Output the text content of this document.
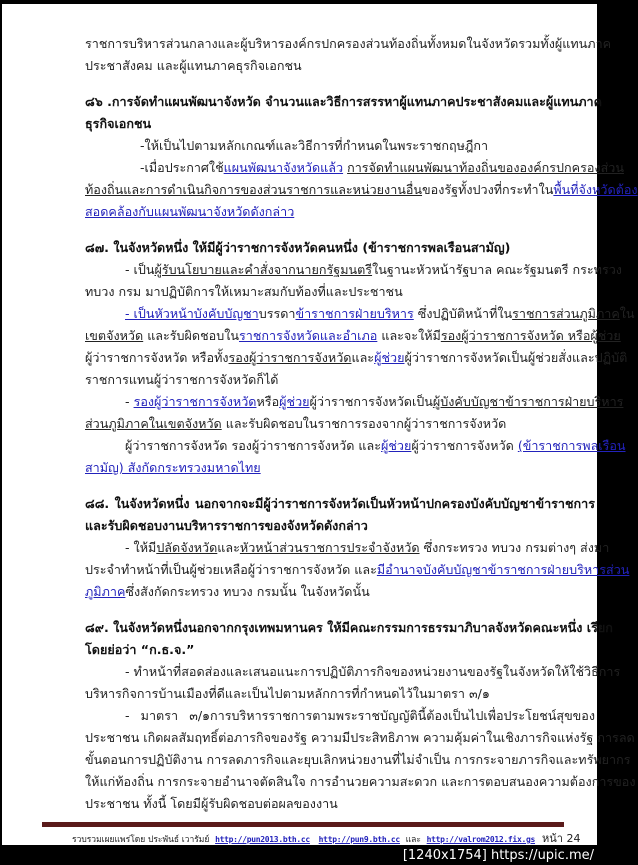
ราชการบริหารส่วนกลางและผู้บริหารองค์กรปกครองส่วนท้องถิ่นทั้งหมดในจังหวัดรวมทั้งผู้แทนภาค
ประชาสังคม และผู้แทนภาคธุรกิจเอกชน
๘๖ .การจัดทำแผนพัฒนาจังหวัด จำนวนและวิธีการสรรหาผู้แทนภาคประชาสังคมและผู้แทนภาค
ธุรกิจเอกชน
-ให้เป็นไปตามหลักเกณฑ์และวิธีการที่กำหนดในพระราชกฤษฎีกา
-เมื่อประกาศใช้แผนพัฒนาจังหวัดแล้ว การจัดทำแผนพัฒนาท้องถิ่นขององค์กรปกครองส่วน
ท้องถิ่นและการดำเนินกิจการของส่วนราชการและหน่วยงานอื่นของรัฐทั้งปวงที่กระทำในพื้นที่จังหวัดต้อง
สอดคล้องกับแผนพัฒนาจังหวัดดังกล่าว
๘๗. ในจังหวัดหนึ่ง ให้มีผู้ว่าราชการจังหวัดคนหนึ่ง (ข้าราชการพลเรือนสามัญ)
- เป็นผู้รับนโยบายและคำสั่งจากนายกรัฐมนตรีในฐานะหัวหน้ารัฐบาล คณะรัฐมนตรี กระทรวง
ทบวง กรม มาปฏิบัติการให้เหมาะสมกับท้องที่และประชาชน
- เป็นหัวหน้าบังคับบัญชาบรรดาข้าราชการฝ่ายบริหาร ซึ่งปฏิบัติหน้าที่ในราชการส่วนภูมิภาคใน
เขตจังหวัด และรับผิดชอบในราชการจังหวัดและอำเภอ และจะให้มีรองผู้ว่าราชการจังหวัด หรือผู้ช่วย
ผู้ว่าราชการจังหวัด หรือทั้งรองผู้ว่าราชการจังหวัดและผู้ช่วยผู้ว่าราชการจังหวัดเป็นผู้ช่วยสั่งและปฏิบัติ
ราชการแทนผู้ว่าราชการจังหวัดก็ได้
- รองผู้ว่าราชการจังหวัดหรือผู้ช่วยผู้ว่าราชการจังหวัดเป็นผู้บังคับบัญชาข้าราชการฝ่ายบริหาร
ส่วนภูมิภาคในเขตจังหวัด และรับผิดชอบในราชการรองจากผู้ว่าราชการจังหวัด
ผู้ว่าราชการจังหวัด รองผู้ว่าราชการจังหวัด และผู้ช่วยผู้ว่าราชการจังหวัด (ข้าราชการพลเรือน
สามัญ) สังกัดกระทรวงมหาดไทย
๘๘. ในจังหวัดหนึ่ง นอกจากจะมีผู้ว่าราชการจังหวัดเป็นหัวหน้าปกครองบังคับบัญชาข้าราชการ
และรับผิดชอบงานบริหารราชการของจังหวัดดังกล่าว
- ให้มีปลัดจังหวัดและหัวหน้าส่วนราชการประจำจังหวัด ซึ่งกระทรวง ทบวง กรมต่างๆ ส่งมา
ประจำทำหน้าที่เป็นผู้ช่วยเหลือผู้ว่าราชการจังหวัด และมีอำนาจบังคับบัญชาข้าราชการฝ่ายบริหารส่วน
ภูมิภาคซึ่งสังกัดกระทรวง ทบวง กรมนั้น ในจังหวัดนั้น
๘๙. ในจังหวัดหนึ่งนอกจากกรุงเทพมหานคร ให้มีคณะกรรมการธรรมาภิบาลจังหวัดคณะหนึ่ง เรียก
โดยย่อว่า “ก.ธ.จ.”
- ทำหน้าที่สอดส่องและเสนอแนะการปฏิบัติภารกิจของหน่วยงานของรัฐในจังหวัดให้ใช้วิธีการ
บริหารกิจการบ้านเมืองที่ดีและเป็นไปตามหลักการที่กำหนดไว้ในมาตรา ๓/๑
- มาตรา ๓/๑การบริหารราชการตามพระราชบัญญัตินี้ต้องเป็นไปเพื่อประโยชน์สุขของ
ประชาชน เกิดผลสัมฤทธิ์ต่อภารกิจของรัฐ ความมีประสิทธิภาพ ความคุ้มค่าในเชิงภารกิจแห่งรัฐ การลด
ขั้นตอนการปฏิบัติงาน การลดภารกิจและยุบเลิกหน่วยงานที่ไม่จำเป็น การกระจายภารกิจและทรัพยากร
ให้แก่ท้องถิ่น การกระจายอำนาจตัดสินใจ การอำนวยความสะดวก และการตอบสนองความต้องการของ
ประชาชน ทั้งนี้ โดยมีผู้รับผิดชอบต่อผลของงาน
รวบรวมเผยแพร่โดย ประพันธ์ เวารัมย์ http://pun2013.bth.cc http://pun9.bth.cc และ http://valrom2012.fix.gs หน้า 24
[1240x1754] https://upic.me/
